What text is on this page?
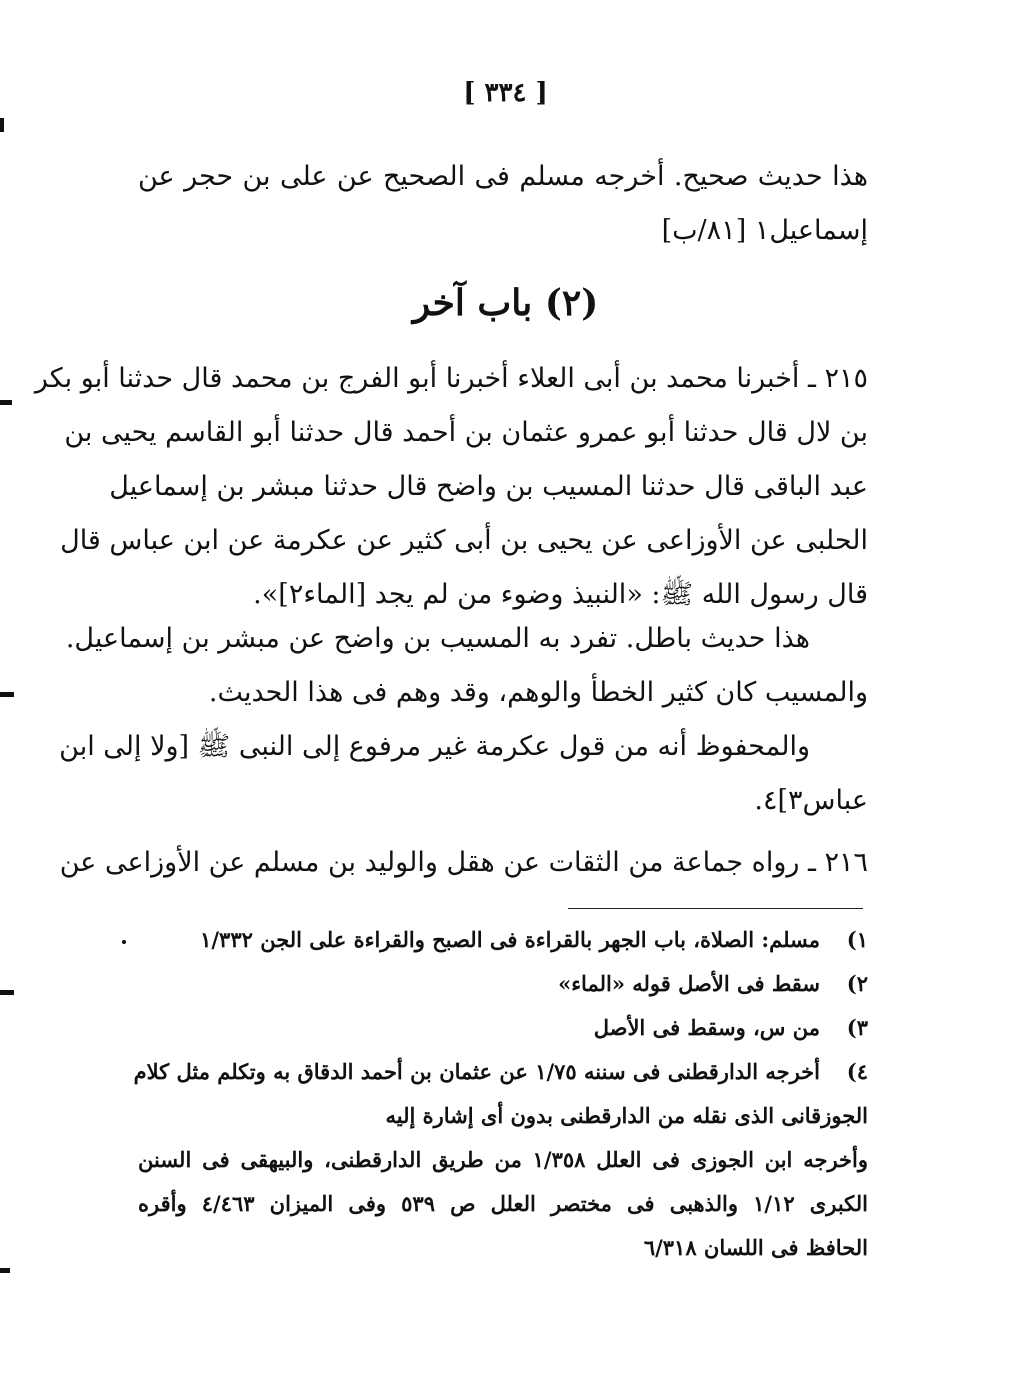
[ ٣٣٤ ]
هذا حديث صحيح. أخرجه مسلم فى الصحيح عن على بن حجر عن
إسماعيل١ [٨١/ب]
(٢) باب آخر
٢١٥ ـ أخبرنا محمد بن أبى العلاء أخبرنا أبو الفرج بن محمد قال حدثنا أبو بكر
بن لال قال حدثنا أبو عمرو عثمان بن أحمد قال حدثنا أبو القاسم يحيى بن
عبد الباقى قال حدثنا المسيب بن واضح قال حدثنا مبشر بن إسماعيل
الحلبى عن الأوزاعى عن يحيى بن أبى كثير عن عكرمة عن ابن عباس قال
قال رسول الله ﷺ: «النبيذ وضوء من لم يجد [الماء٢]».
هذا حديث باطل. تفرد به المسيب بن واضح عن مبشر بن إسماعيل.
والمسيب كان كثير الخطأ والوهم، وقد وهم فى هذا الحديث.
والمحفوظ أنه من قول عكرمة غير مرفوع إلى النبى ﷺ [ولا إلى ابن
عباس٣]٤.
٢١٦ ـ رواه جماعة من الثقات عن هقل والوليد بن مسلم عن الأوزاعى عن
١)
مسلم: الصلاة، باب الجهر بالقراءة فى الصبح والقراءة على الجن ١/٣٣٢
٢)
سقط فى الأصل قوله «الماء»
٣)
من س، وسقط فى الأصل
٤)
أخرجه الدارقطنى فى سننه ١/٧٥ عن عثمان بن أحمد الدقاق به وتكلم مثل كلام
الجوزقانى الذى نقله من الدارقطنى بدون أى إشارة إليه
وأخرجه ابن الجوزى فى العلل ١/٣٥٨ من طريق الدارقطنى، والبيهقى فى السنن
الكبرى ١/١٢ والذهبى فى مختصر العلل ص ٥٣٩ وفى الميزان ٤/٤٦٣ وأقره
الحافظ فى اللسان ٦/٣١٨
